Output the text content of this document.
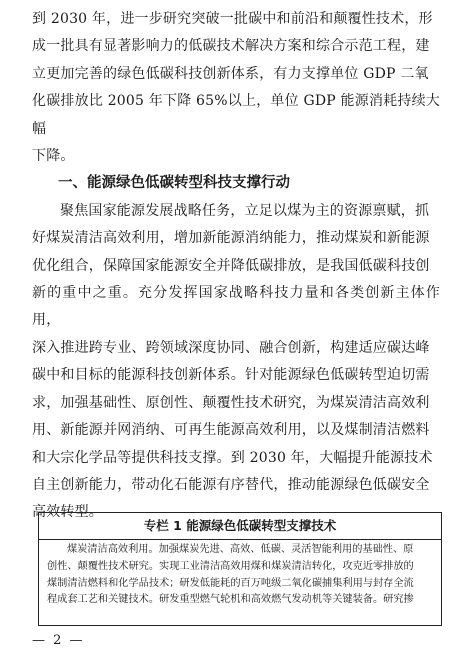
到 2030 年，进一步研究突破一批碳中和前沿和颠覆性技术，形

成一批具有显著影响力的低碳技术解决方案和综合示范工程，建

立更加完善的绿色低碳科技创新体系，有力支撑单位 GDP 二氧

化碳排放比 2005 年下降 65%以上，单位 GDP 能源消耗持续大幅

下降。

一、能源绿色低碳转型科技支撑行动

聚焦国家能源发展战略任务，立足以煤为主的资源禀赋，抓

好煤炭清洁高效利用，增加新能源消纳能力，推动煤炭和新能源

优化组合，保障国家能源安全并降低碳排放，是我国低碳科技创

新的重中之重。充分发挥国家战略科技力量和各类创新主体作用，

深入推进跨专业、跨领域深度协同、融合创新，构建适应碳达峰

碳中和目标的能源科技创新体系。针对能源绿色低碳转型迫切需

求，加强基础性、原创性、颠覆性技术研究，为煤炭清洁高效利

用、新能源并网消纳、可再生能源高效利用，以及煤制清洁燃料

和大宗化学品等提供科技支撑。到 2030 年，大幅提升能源技术

自主创新能力，带动化石能源有序替代，推动能源绿色低碳安全

高效转型。

专栏 1 能源绿色低碳转型支撑技术
煤炭清洁高效利用。加强煤炭先进、高效、低碳、灵活智能利用的基础性、原
创性、颠覆性技术研究。实现工业清洁高效用煤和煤炭清洁转化，攻克近零排放的
煤制清洁燃料和化学品技术；研发低能耗的百万吨级二氧化碳捕集利用与封存全流
程成套工艺和关键技术。研发重型燃气轮机和高效燃气发动机等关键装备。研究掺
— 2 —
